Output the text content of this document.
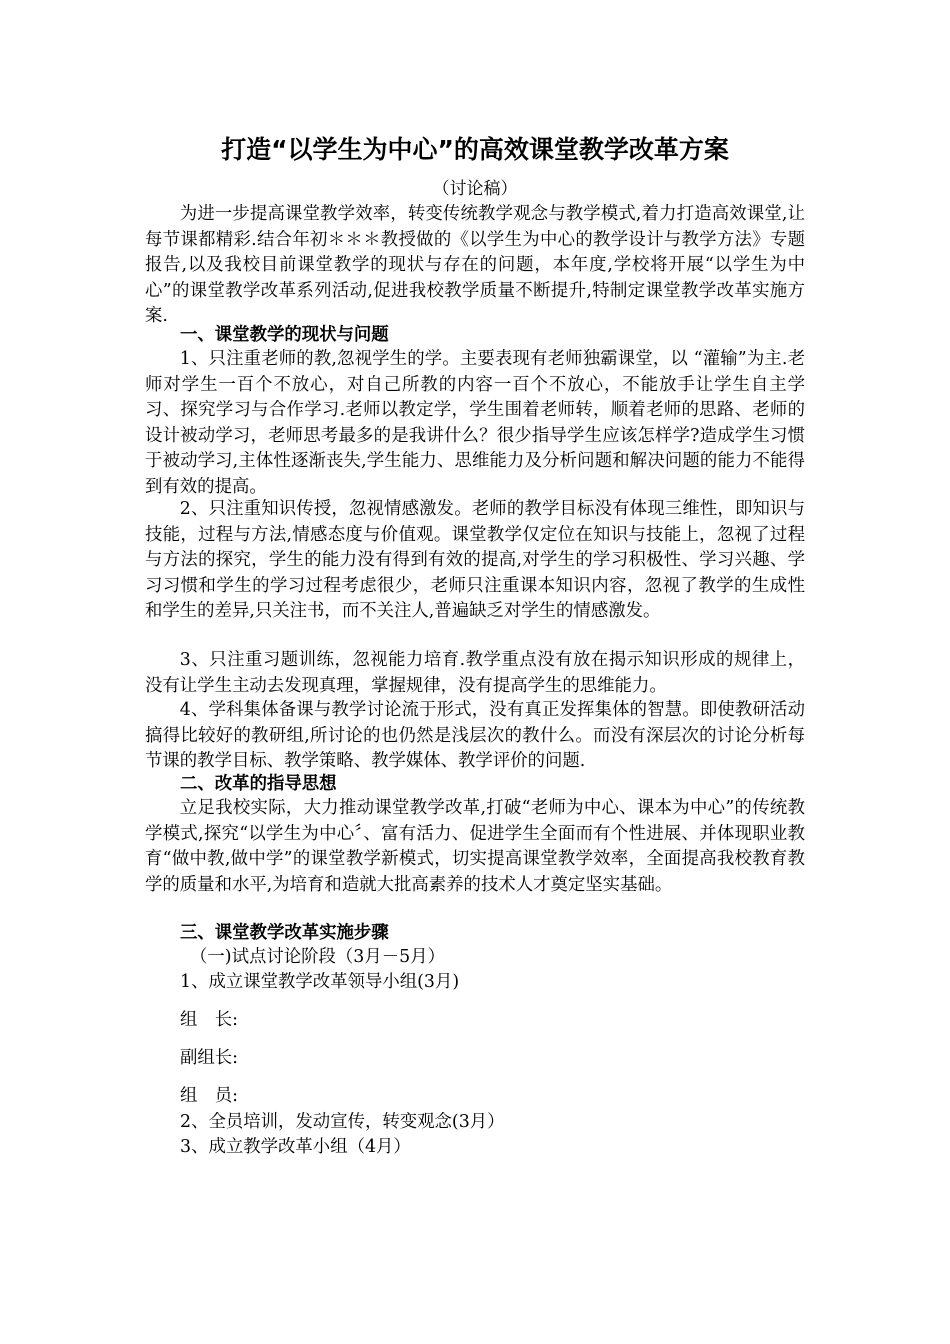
打造“以学生为中心”的高效课堂教学改革方案
（讨论稿）

为进一步提高课堂教学效率，转变传统教学观念与教学模式,着力打造高效课堂,让每节课都精彩.结合年初＊＊＊教授做的《以学生为中心的教学设计与教学方法》专题报告,以及我校目前课堂教学的现状与存在的问题，本年度,学校将开展“以学生为中心”的课堂教学改革系列活动,促进我校教学质量不断提升,特制定课堂教学改革实施方案.

一、课堂教学的现状与问题

1、只注重老师的教,忽视学生的学。主要表现有老师独霸课堂，以 “灌输”为主.老师对学生一百个不放心，对自己所教的内容一百个不放心，不能放手让学生自主学习、探究学习与合作学习.老师以教定学，学生围着老师转，顺着老师的思路、老师的设计被动学习，老师思考最多的是我讲什么？很少指导学生应该怎样学?造成学生习惯于被动学习,主体性逐渐丧失,学生能力、思维能力及分析问题和解决问题的能力不能得到有效的提高。

2、只注重知识传授，忽视情感激发。老师的教学目标没有体现三维性，即知识与技能，过程与方法,情感态度与价值观。课堂教学仅定位在知识与技能上，忽视了过程与方法的探究，学生的能力没有得到有效的提高,对学生的学习积极性、学习兴趣、学习习惯和学生的学习过程考虑很少，老师只注重课本知识内容，忽视了教学的生成性和学生的差异,只关注书，而不关注人,普遍缺乏对学生的情感激发。

3、只注重习题训练，忽视能力培育.教学重点没有放在揭示知识形成的规律上，没有让学生主动去发现真理，掌握规律，没有提高学生的思维能力。

4、学科集体备课与教学讨论流于形式，没有真正发挥集体的智慧。即使教研活动搞得比较好的教研组,所讨论的也仍然是浅层次的教什么。而没有深层次的讨论分析每节课的教学目标、教学策略、教学媒体、教学评价的问题.

二、改革的指导思想

立足我校实际，大力推动课堂教学改革,打破“老师为中心、课本为中心”的传统教学模式,探究“以学生为中心〞、富有活力、促进学生全面而有个性进展、并体现职业教育“做中教,做中学”的课堂教学新模式，切实提高课堂教学效率，全面提高我校教育教学的质量和水平,为培育和造就大批高素养的技术人才奠定坚实基础。

三、课堂教学改革实施步骤

（一)试点讨论阶段（3月－5月）

1、成立课堂教学改革领导小组(3月)

组　长:

副组长:

组　员:

2、全员培训，发动宣传，转变观念(3月）

3、成立教学改革小组（4月）
